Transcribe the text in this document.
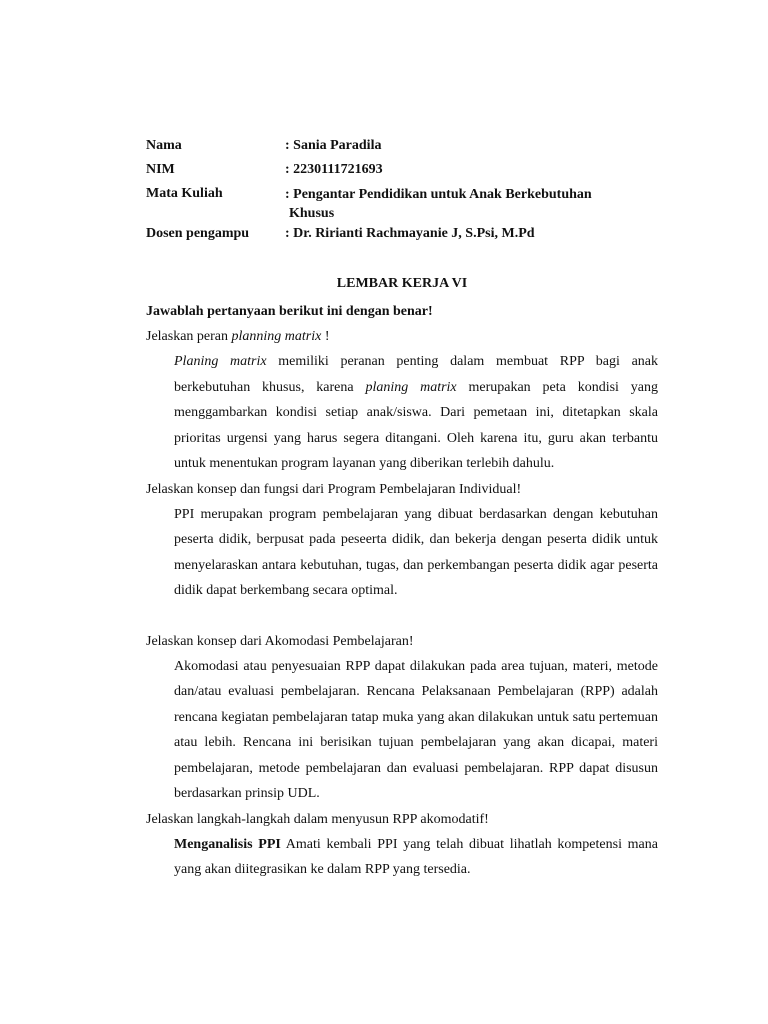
Nama	: Sania Paradila
NIM	: 2230111721693
Mata Kuliah	: Pengantar Pendidikan untuk Anak Berkebutuhan
Khusus
Dosen pengampu	: Dr. Ririanti Rachmayanie J, S.Psi, M.Pd
LEMBAR KERJA VI
Jawablah pertanyaan berikut ini dengan benar!
Jelaskan peran planning matrix !
Planing matrix memiliki peranan penting dalam membuat RPP bagi anak berkebutuhan khusus, karena planing matrix merupakan peta kondisi yang menggambarkan kondisi setiap anak/siswa. Dari pemetaan ini, ditetapkan skala prioritas urgensi yang harus segera ditangani. Oleh karena itu, guru akan terbantu untuk menentukan program layanan yang diberikan terlebih dahulu.
Jelaskan konsep dan fungsi dari Program Pembelajaran Individual!
PPI merupakan program pembelajaran yang dibuat berdasarkan dengan kebutuhan peserta didik, berpusat pada peseerta didik, dan bekerja dengan peserta didik untuk menyelaraskan antara kebutuhan, tugas, dan perkembangan peserta didik agar peserta didik dapat berkembang secara optimal.
Jelaskan konsep dari Akomodasi Pembelajaran!
Akomodasi atau penyesuaian RPP dapat dilakukan pada area tujuan, materi, metode dan/atau evaluasi pembelajaran. Rencana Pelaksanaan Pembelajaran (RPP) adalah rencana kegiatan pembelajaran tatap muka yang akan dilakukan untuk satu pertemuan atau lebih. Rencana ini berisikan tujuan pembelajaran yang akan dicapai, materi pembelajaran, metode pembelajaran dan evaluasi pembelajaran. RPP dapat disusun berdasarkan prinsip UDL.
Jelaskan langkah-langkah dalam menyusun RPP akomodatif!
Menganalisis PPI Amati kembali PPI yang telah dibuat lihatlah kompetensi mana yang akan diitegrasikan ke dalam RPP yang tersedia.
